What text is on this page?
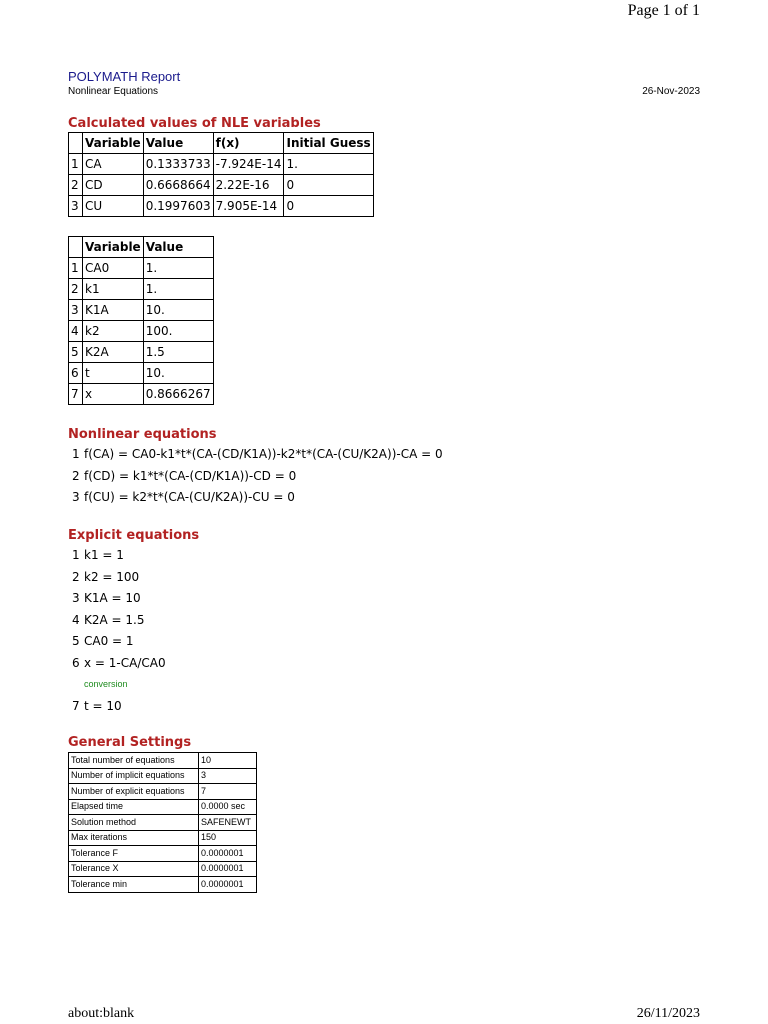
Page 1 of 1
POLYMATH Report
Nonlinear Equations	26-Nov-2023
Calculated values of NLE variables
	Variable	Value	f(x)	Initial Guess
1	CA	0.1333733	-7.924E-14	1.
2	CD	0.6668664	2.22E-16	0
3	CU	0.1997603	7.905E-14	0
	Variable	Value
1	CA0	1.
2	k1	1.
3	K1A	10.
4	k2	100.
5	K2A	1.5
6	t	10.
7	x	0.8666267
Nonlinear equations
1 f(CA) = CA0-k1*t*(CA-(CD/K1A))-k2*t*(CA-(CU/K2A))-CA = 0
2 f(CD) = k1*t*(CA-(CD/K1A))-CD = 0
3 f(CU) = k2*t*(CA-(CU/K2A))-CU = 0
Explicit equations
1 k1 = 1
2 k2 = 100
3 K1A = 10
4 K2A = 1.5
5 CA0 = 1
6 x = 1-CA/CA0
conversion
7 t = 10
General Settings
Total number of equations	10
Number of implicit equations	3
Number of explicit equations	7
Elapsed time	0.0000 sec
Solution method	SAFENEWT
Max iterations	150
Tolerance F	0.0000001
Tolerance X	0.0000001
Tolerance min	0.0000001
about:blank	26/11/2023
